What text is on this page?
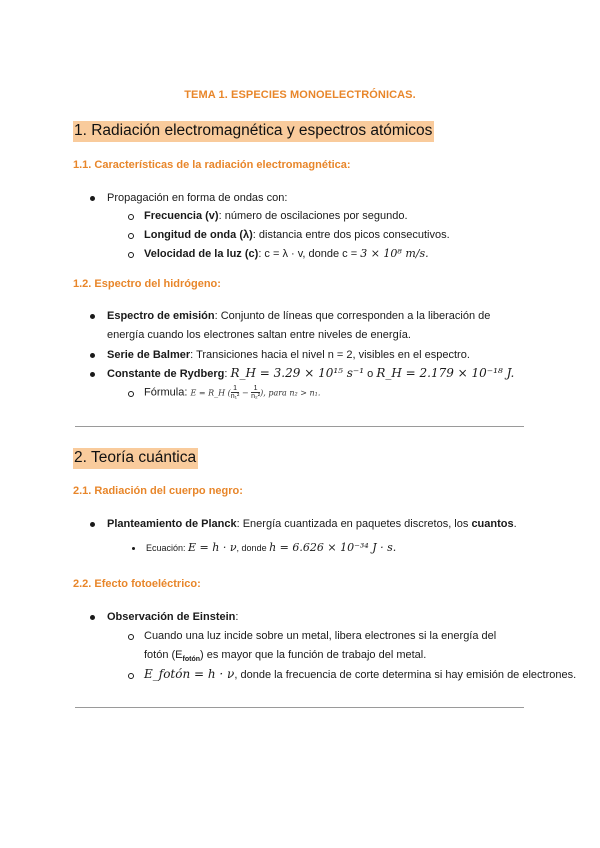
TEMA 1. ESPECIES MONOELECTRÓNICAS.
1. Radiación electromagnética y espectros atómicos
1.1. Características de la radiación electromagnética:
Propagación en forma de ondas con:
Frecuencia (v): número de oscilaciones por segundo.
Longitud de onda (λ): distancia entre dos picos consecutivos.
Velocidad de la luz (c): c = λ · v, donde c = 3 × 10⁸ m/s.
1.2. Espectro del hidrógeno:
Espectro de emisión: Conjunto de líneas que corresponden a la liberación de
energía cuando los electrones saltan entre niveles de energía.
Serie de Balmer: Transiciones hacia el nivel n = 2, visibles en el espectro.
Constante de Rydberg: R_H = 3.29 × 10¹⁵ s⁻¹ o R_H = 2.179 × 10⁻¹⁸ J.
Fórmula: E = R_H ( $\frac{1}{\text{n₁²}} - \frac{1}{\text{n₂²}}$ ), para n₂ > n₁.
2. Teoría cuántica
2.1. Radiación del cuerpo negro:
Planteamiento de Planck: Energía cuantizada en paquetes discretos, los cuantos.
Ecuación: E = h · ν, donde h = 6.626 × 10⁻³⁴ J · s.
2.2. Efecto fotoeléctrico:
Observación de Einstein:
Cuando una luz incide sobre un metal, libera electrones si la energía del
fotón $(E_{fotón})$ es mayor que la función de trabajo del metal.
E_fotón = h · ν, donde la frecuencia de corte determina si hay emisión de electrones.
